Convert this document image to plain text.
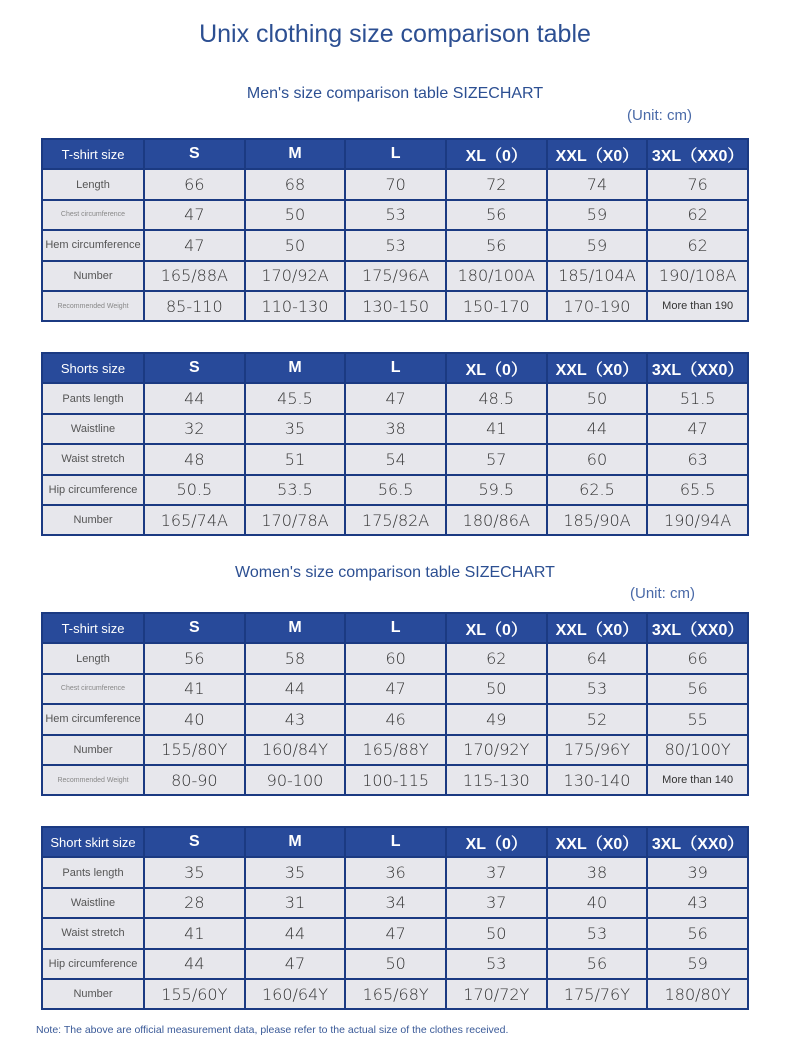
Unix clothing size comparison table
Men's size comparison table SIZECHART
(Unit: cm)
T-shirt size	S	M	L	XL（0）	XXL（X0）	3XL（XX0）
Length	66	68	70	72	74	76
Chest circumference	47	50	53	56	59	62
Hem circumference	47	50	53	56	59	62
Number	165/88A	170/92A	175/96A	180/100A	185/104A	190/108A
Recommended Weight	85-110	110-130	130-150	150-170	170-190	More than 190
Shorts size	S	M	L	XL（0）	XXL（X0）	3XL（XX0）
Pants length	44	45.5	47	48.5	50	51.5
Waistline	32	35	38	41	44	47
Waist stretch	48	51	54	57	60	63
Hip circumference	50.5	53.5	56.5	59.5	62.5	65.5
Number	165/74A	170/78A	175/82A	180/86A	185/90A	190/94A
Women's size comparison table SIZECHART
(Unit: cm)
T-shirt size	S	M	L	XL（0）	XXL（X0）	3XL（XX0）
Length	56	58	60	62	64	66
Chest circumference	41	44	47	50	53	56
Hem circumference	40	43	46	49	52	55
Number	155/80Y	160/84Y	165/88Y	170/92Y	175/96Y	80/100Y
Recommended Weight	80-90	90-100	100-115	115-130	130-140	More than 140
Short skirt size	S	M	L	XL（0）	XXL（X0）	3XL（XX0）
Pants length	35	35	36	37	38	39
Waistline	28	31	34	37	40	43
Waist stretch	41	44	47	50	53	56
Hip circumference	44	47	50	53	56	59
Number	155/60Y	160/64Y	165/68Y	170/72Y	175/76Y	180/80Y
Note: The above are official measurement data, please refer to the actual size of the clothes received.
